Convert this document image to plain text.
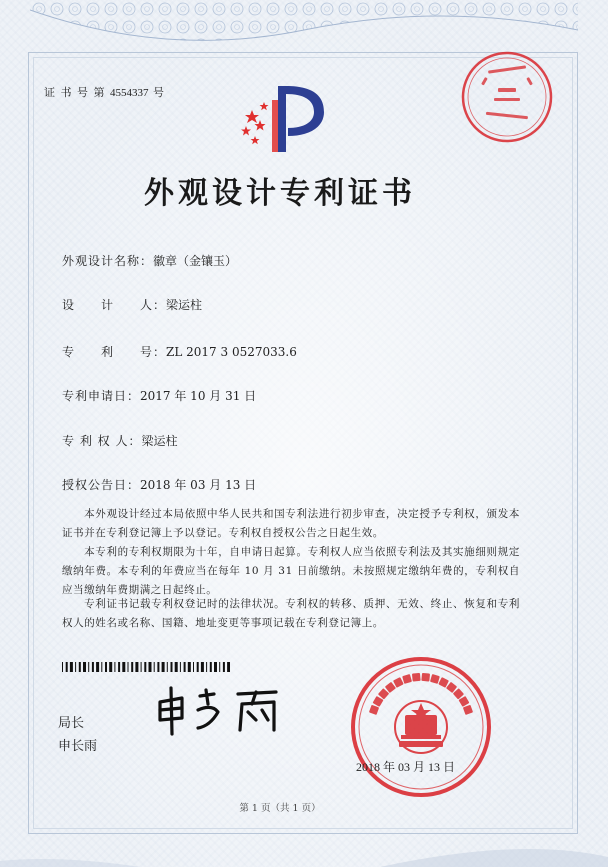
证 书 号 第 4554337 号
外观设计专利证书
外观设计名称：徽章（金镶玉）
设　　计　　人：梁运柱
专　　利　　号：ZL 2017 3 0527033.6
专利申请日：2017 年 10 月 31 日
专 利 权 人：梁运柱
授权公告日：2018 年 03 月 13 日
本外观设计经过本局依照中华人民共和国专利法进行初步审查，决定授予专利权，颁发本证书并在专利登记簿上予以登记。专利权自授权公告之日起生效。
本专利的专利权期限为十年，自申请日起算。专利权人应当依照专利法及其实施细则规定缴纳年费。本专利的年费应当在每年 10 月 31 日前缴纳。未按照规定缴纳年费的，专利权自应当缴纳年费期满之日起终止。
专利证书记载专利权登记时的法律状况。专利权的转移、质押、无效、终止、恢复和专利权人的姓名或名称、国籍、地址变更等事项记载在专利登记簿上。
局长
申长雨
2018 年 03 月 13 日
第 1 页（共 1 页）
